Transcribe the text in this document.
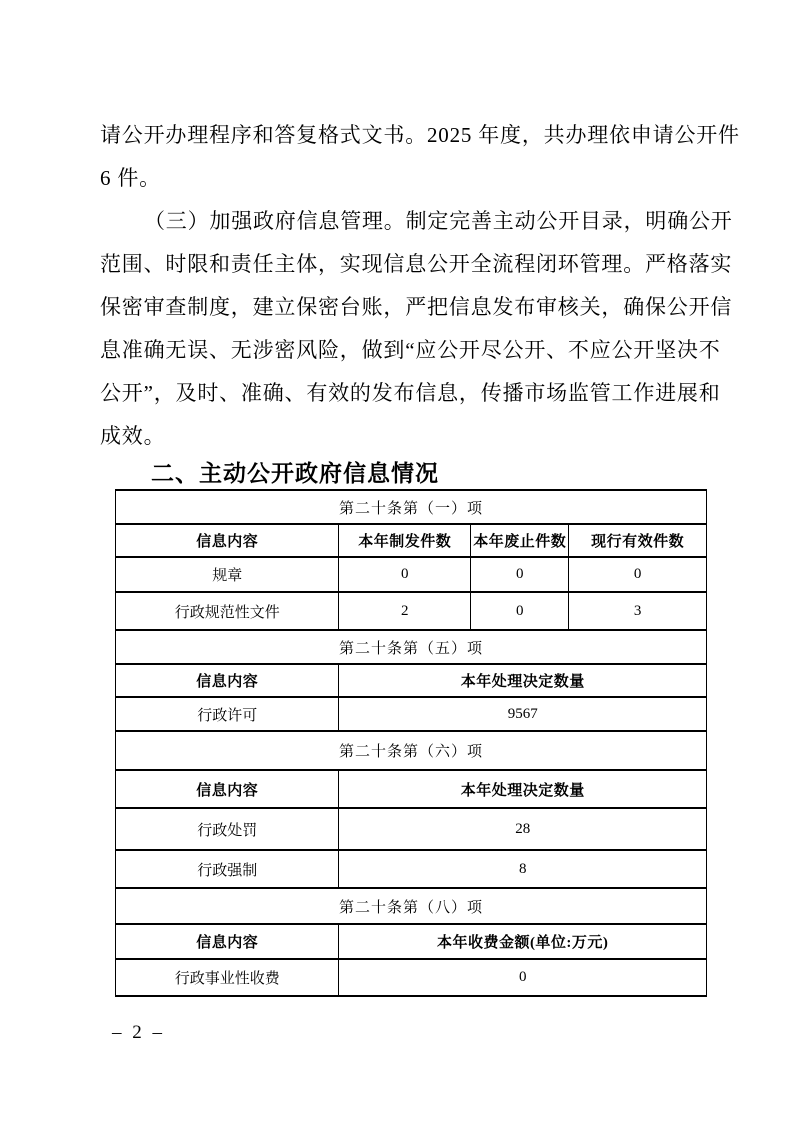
请公开办理程序和答复格式文书。2025 年度，共办理依申请公开件
6 件。
（三）加强政府信息管理。制定完善主动公开目录，明确公开
范围、时限和责任主体，实现信息公开全流程闭环管理。严格落实
保密审查制度，建立保密台账，严把信息发布审核关，确保公开信
息准确无误、无涉密风险，做到“应公开尽公开、不应公开坚决不
公开”，及时、准确、有效的发布信息，传播市场监管工作进展和
成效。
二、主动公开政府信息情况
第二十条第（一）项			
信息内容	本年制发件数	本年废止件数	现行有效件数
规章	0	0	0
行政规范性文件	2	0	3
第二十条第（五）项	
信息内容	本年处理决定数量
行政许可	9567
第二十条第（六）项	
信息内容	本年处理决定数量
行政处罚	28
行政强制	8
第二十条第（八）项	
信息内容	本年收费金额(单位:万元)
行政事业性收费	0
– 2 –
